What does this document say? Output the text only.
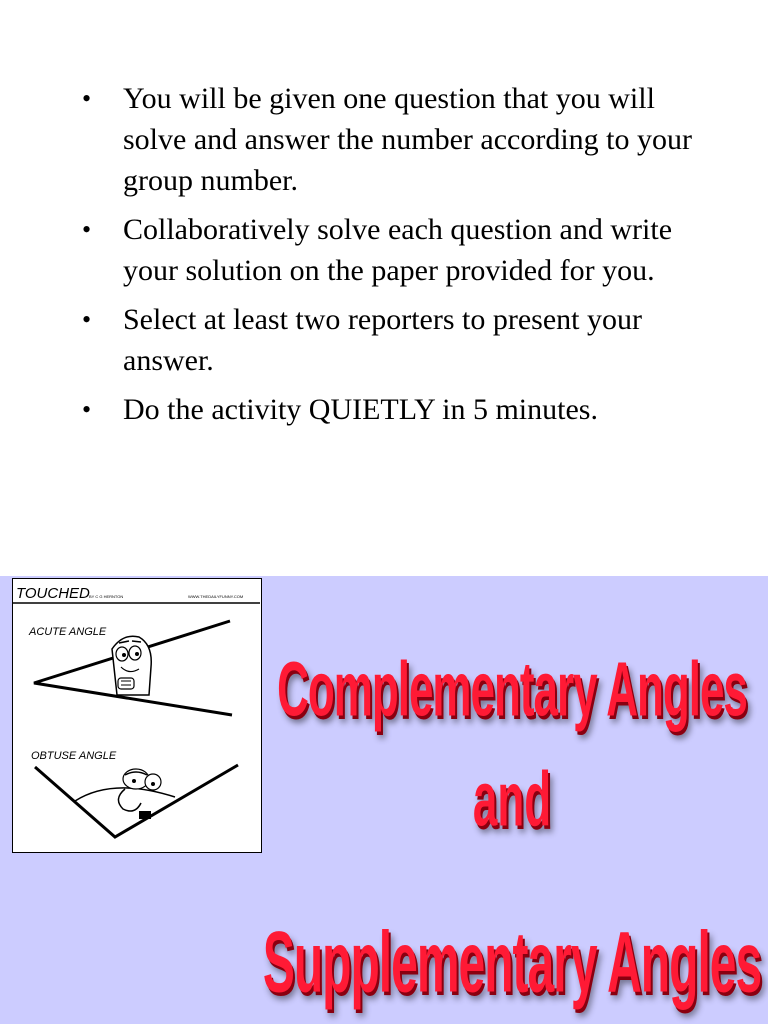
• You will be given one question that you will solve and answer the number according to your group number.
• Collaboratively solve each question and write your solution on the paper provided for you.
• Select at least two reporters to present your answer.
• Do the activity QUIETLY in 5 minutes.
TOUCHED BY C G HERNTON	WWW.THEDAILYFUNNY.COM
ACUTE ANGLE
OBTUSE ANGLE
Complementary Angles
and
Supplementary Angles
